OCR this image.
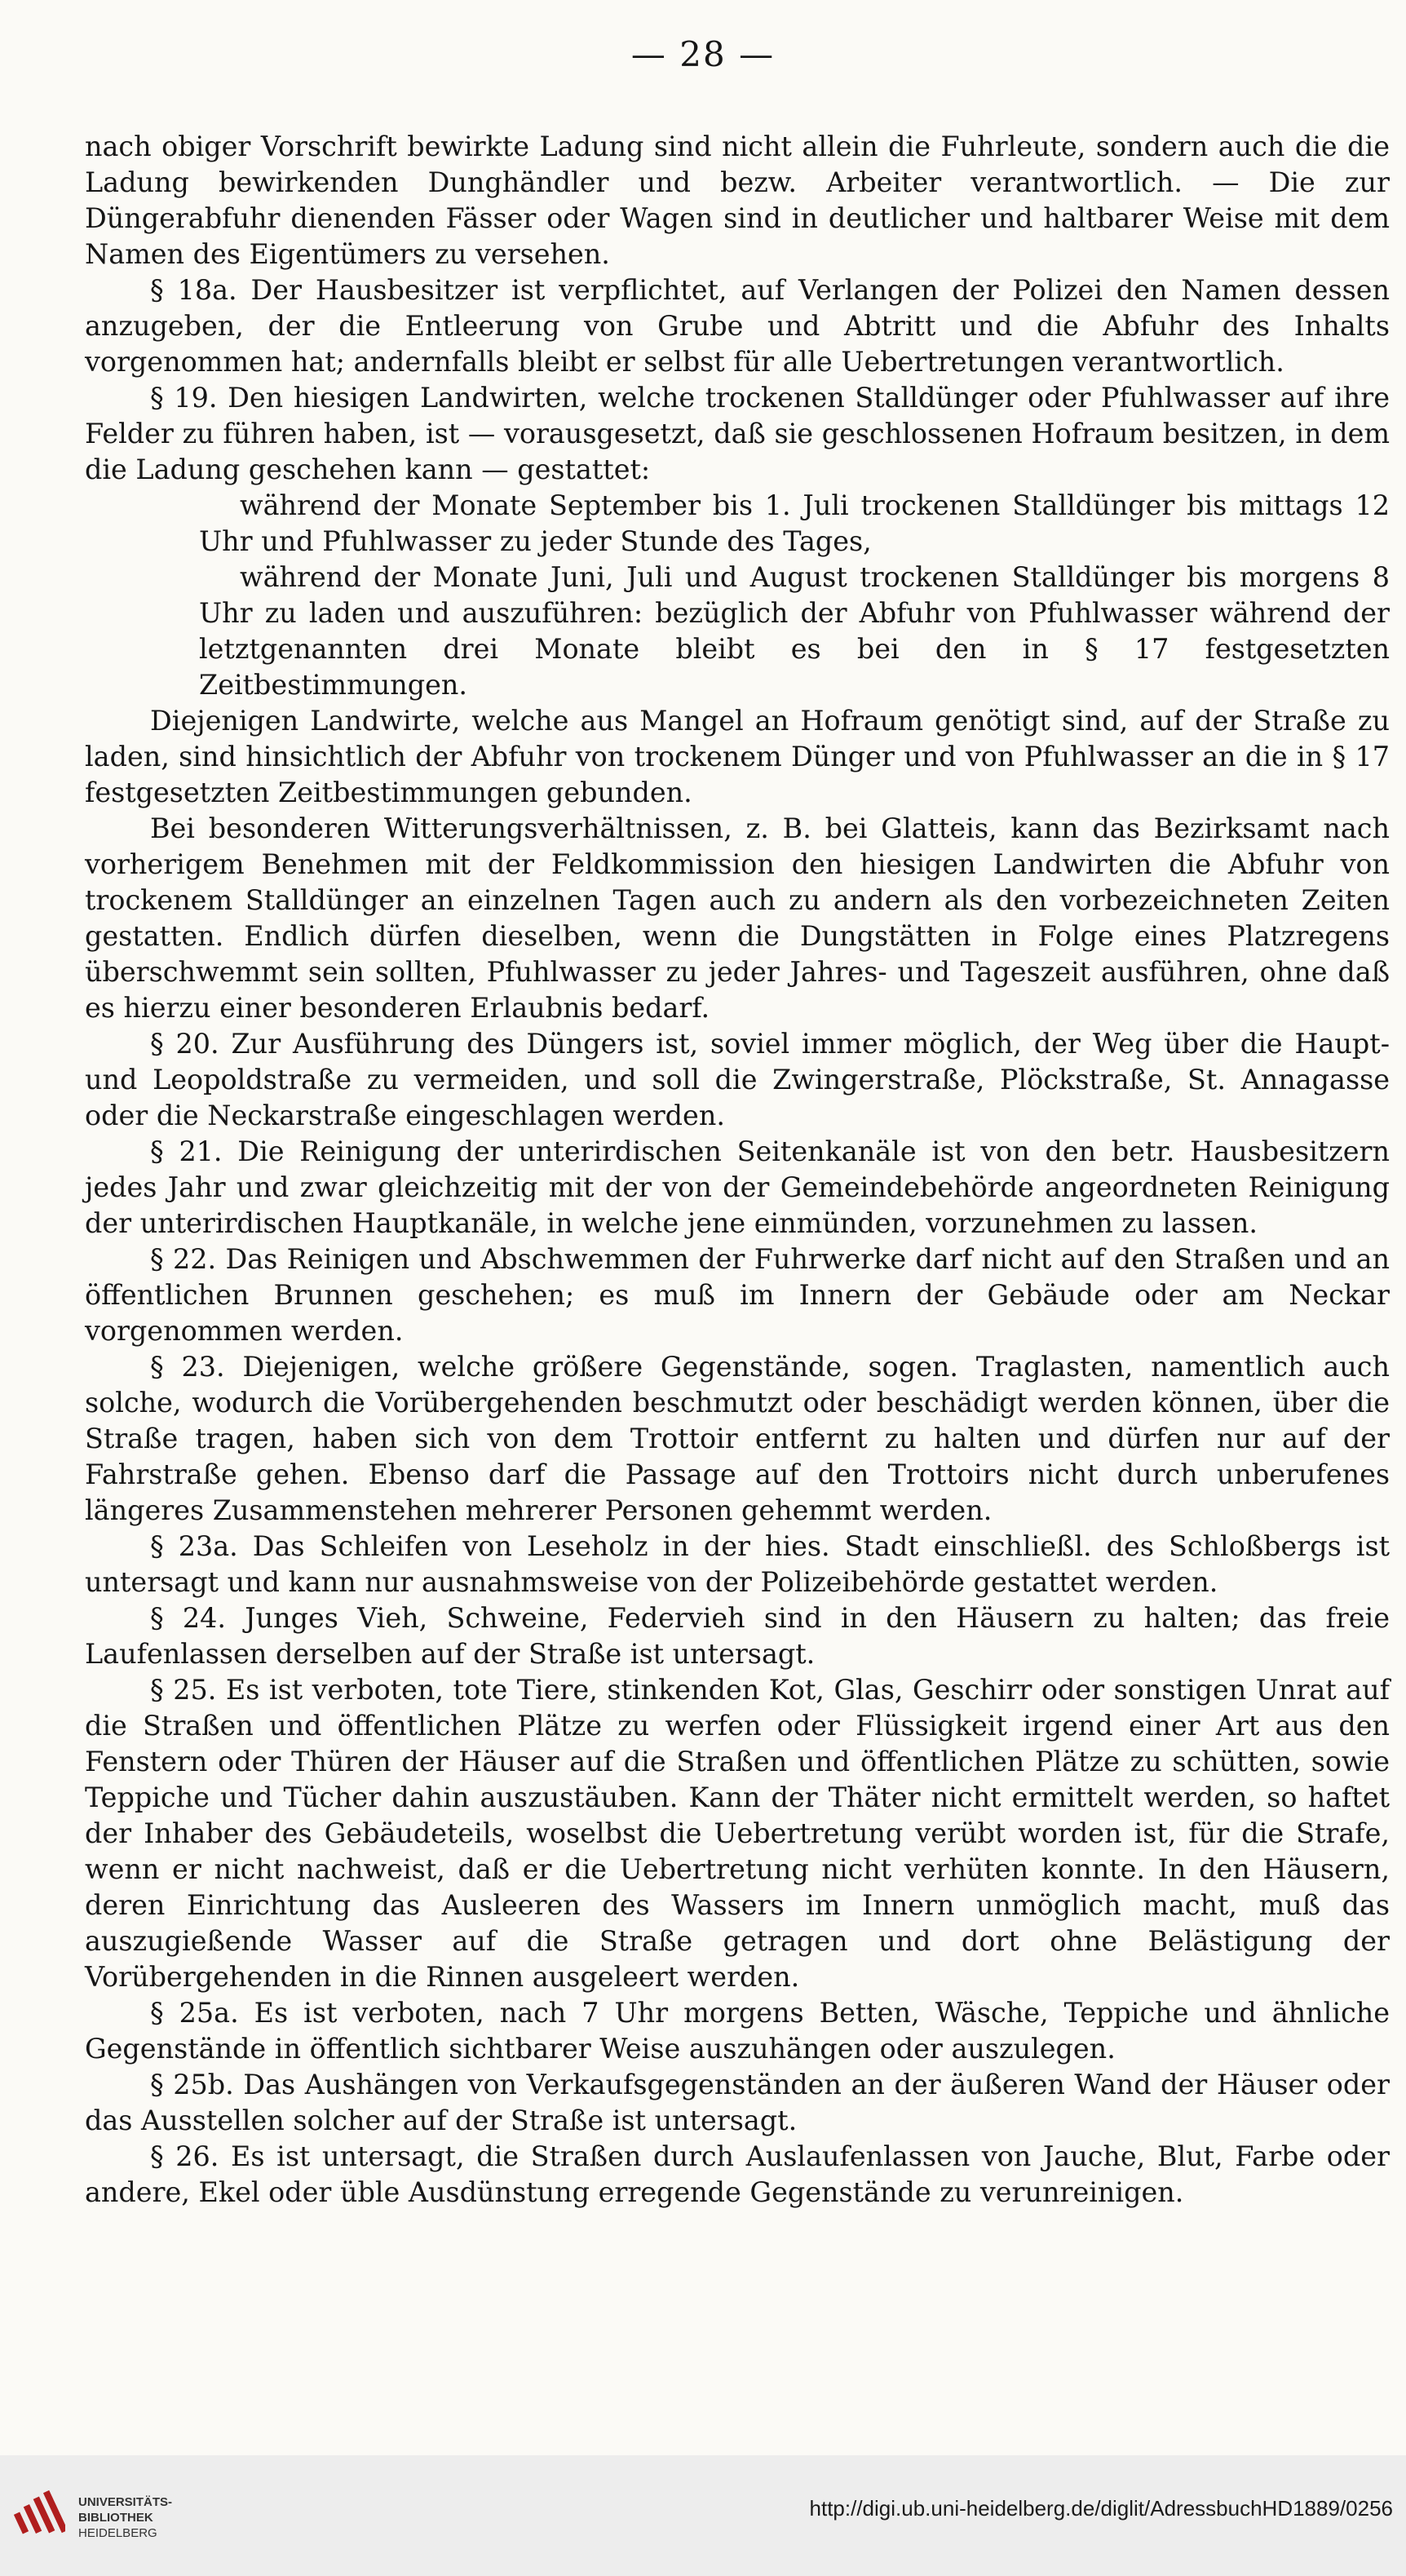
— 28 —

nach obiger Vorschrift bewirkte Ladung sind nicht allein die Fuhrleute, sondern auch die die Ladung bewirkenden Dunghändler und bezw. Arbeiter verantwortlich. — Die zur Düngerabfuhr dienenden Fässer oder Wagen sind in deutlicher und haltbarer Weise mit dem Namen des Eigentümers zu versehen.

§ 18a. Der Hausbesitzer ist verpflichtet, auf Verlangen der Polizei den Namen dessen anzugeben, der die Entleerung von Grube und Abtritt und die Abfuhr des Inhalts vorgenommen hat; andernfalls bleibt er selbst für alle Uebertretungen verantwortlich.

§ 19. Den hiesigen Landwirten, welche trockenen Stalldünger oder Pfuhlwasser auf ihre Felder zu führen haben, ist — vorausgesetzt, daß sie geschlossenen Hofraum besitzen, in dem die Ladung geschehen kann — gestattet:

während der Monate September bis 1. Juli trockenen Stalldünger bis mittags 12 Uhr und Pfuhlwasser zu jeder Stunde des Tages,

während der Monate Juni, Juli und August trockenen Stalldünger bis morgens 8 Uhr zu laden und auszuführen: bezüglich der Abfuhr von Pfuhlwasser während der letztgenannten drei Monate bleibt es bei den in § 17 festgesetzten Zeitbestimmungen.

Diejenigen Landwirte, welche aus Mangel an Hofraum genötigt sind, auf der Straße zu laden, sind hinsichtlich der Abfuhr von trockenem Dünger und von Pfuhlwasser an die in § 17 festgesetzten Zeitbestimmungen gebunden.

Bei besonderen Witterungsverhältnissen, z. B. bei Glatteis, kann das Bezirksamt nach vorherigem Benehmen mit der Feldkommission den hiesigen Landwirten die Abfuhr von trockenem Stalldünger an einzelnen Tagen auch zu andern als den vorbezeichneten Zeiten gestatten. Endlich dürfen dieselben, wenn die Dungstätten in Folge eines Platzregens überschwemmt sein sollten, Pfuhlwasser zu jeder Jahres- und Tageszeit ausführen, ohne daß es hierzu einer besonderen Erlaubnis bedarf.

§ 20. Zur Ausführung des Düngers ist, soviel immer möglich, der Weg über die Haupt- und Leopoldstraße zu vermeiden, und soll die Zwingerstraße, Plöckstraße, St. Annagasse oder die Neckarstraße eingeschlagen werden.

§ 21. Die Reinigung der unterirdischen Seitenkanäle ist von den betr. Hausbesitzern jedes Jahr und zwar gleichzeitig mit der von der Gemeindebehörde angeordneten Reinigung der unterirdischen Hauptkanäle, in welche jene einmünden, vorzunehmen zu lassen.

§ 22. Das Reinigen und Abschwemmen der Fuhrwerke darf nicht auf den Straßen und an öffentlichen Brunnen geschehen; es muß im Innern der Gebäude oder am Neckar vorgenommen werden.

§ 23. Diejenigen, welche größere Gegenstände, sogen. Traglasten, namentlich auch solche, wodurch die Vorübergehenden beschmutzt oder beschädigt werden können, über die Straße tragen, haben sich von dem Trottoir entfernt zu halten und dürfen nur auf der Fahrstraße gehen. Ebenso darf die Passage auf den Trottoirs nicht durch unberufenes längeres Zusammenstehen mehrerer Personen gehemmt werden.

§ 23a. Das Schleifen von Leseholz in der hies. Stadt einschließl. des Schloßbergs ist untersagt und kann nur ausnahmsweise von der Polizeibehörde gestattet werden.

§ 24. Junges Vieh, Schweine, Federvieh sind in den Häusern zu halten; das freie Laufenlassen derselben auf der Straße ist untersagt.

§ 25. Es ist verboten, tote Tiere, stinkenden Kot, Glas, Geschirr oder sonstigen Unrat auf die Straßen und öffentlichen Plätze zu werfen oder Flüssigkeit irgend einer Art aus den Fenstern oder Thüren der Häuser auf die Straßen und öffentlichen Plätze zu schütten, sowie Teppiche und Tücher dahin auszustäuben. Kann der Thäter nicht ermittelt werden, so haftet der Inhaber des Gebäudeteils, woselbst die Uebertretung verübt worden ist, für die Strafe, wenn er nicht nachweist, daß er die Uebertretung nicht verhüten konnte. In den Häusern, deren Einrichtung das Ausleeren des Wassers im Innern unmöglich macht, muß das auszugießende Wasser auf die Straße getragen und dort ohne Belästigung der Vorübergehenden in die Rinnen ausgeleert werden.

§ 25a. Es ist verboten, nach 7 Uhr morgens Betten, Wäsche, Teppiche und ähnliche Gegenstände in öffentlich sichtbarer Weise auszuhängen oder auszulegen.

§ 25b. Das Aushängen von Verkaufsgegenständen an der äußeren Wand der Häuser oder das Ausstellen solcher auf der Straße ist untersagt.

§ 26. Es ist untersagt, die Straßen durch Auslaufenlassen von Jauche, Blut, Farbe oder andere, Ekel oder üble Ausdünstung erregende Gegenstände zu verunreinigen.

UNIVERSITÄTS-
BIBLIOTHEK
HEIDELBERG
http://digi.ub.uni-heidelberg.de/diglit/AdressbuchHD1889/0256
